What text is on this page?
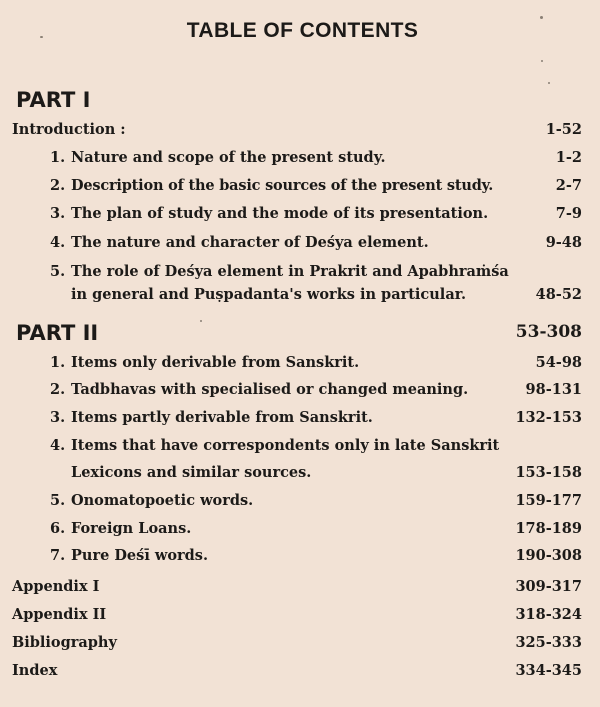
TABLE OF CONTENTS
PART I
Introduction :	1-52
1. Nature and scope of the present study.	1-2
2. Description of the basic sources of the present study.	2-7
3. The plan of study and the mode of its presentation.	7-9
4. The nature and character of Deśya element.	9-48
5. The role of Deśya element in Prakrit and Apabhraṁśa
in general and Puṣpadanta's works in particular.	48-52
PART II	53-308
1. Items only derivable from Sanskrit.	54-98
2. Tadbhavas with specialised or changed meaning.	98-131
3. Items partly derivable from Sanskrit.	132-153
4. Items that have correspondents only in late Sanskrit
Lexicons and similar sources.	153-158
5. Onomatopoetic words.	159-177
6. Foreign Loans.	178-189
7. Pure Deśī words.	190-308
Appendix I	309-317
Appendix II	318-324
Bibliography	325-333
Index	334-345
